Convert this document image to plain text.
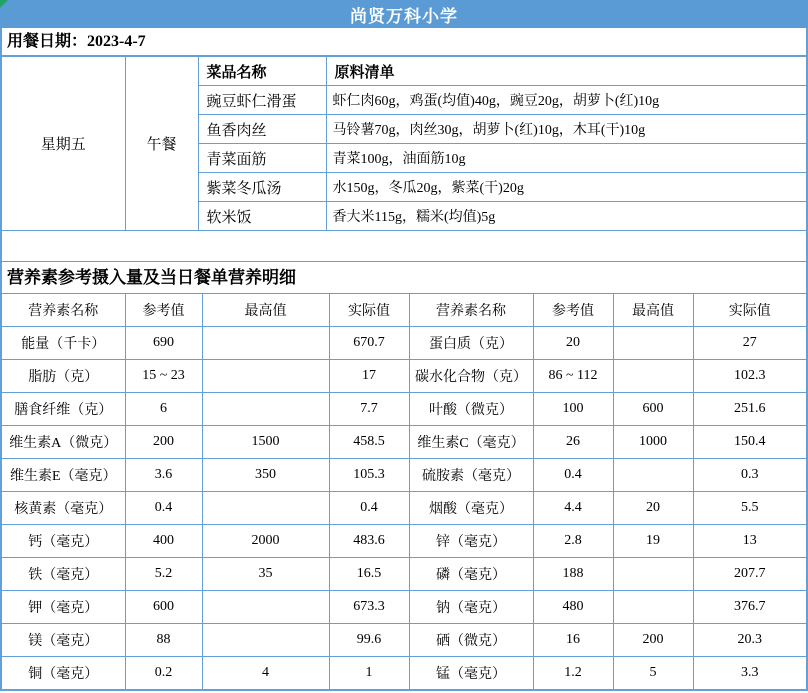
尚贤万科小学
用餐日期：2023-4-7
星期五	午餐	菜品名称	原料清单
		豌豆虾仁滑蛋	虾仁肉60g，鸡蛋(均值)40g，豌豆20g，胡萝卜(红)10g
		鱼香肉丝	马铃薯70g，肉丝30g，胡萝卜(红)10g，木耳(干)10g
		青菜面筋	青菜100g，油面筋10g
		紫菜冬瓜汤	水150g，冬瓜20g，紫菜(干)20g
		软米饭	香大米115g，糯米(均值)5g
营养素参考摄入量及当日餐单营养明细
营养素名称	参考值	最高值	实际值	营养素名称	参考值	最高值	实际值
能量（千卡）	690		670.7	蛋白质（克）	20		27
脂肪（克）	15 ~ 23		17	碳水化合物（克）	86 ~ 112		102.3
膳食纤维（克）	6		7.7	叶酸（微克）	100	600	251.6
维生素A（微克）	200	1500	458.5	维生素C（毫克）	26	1000	150.4
维生素E（毫克）	3.6	350	105.3	硫胺素（毫克）	0.4		0.3
核黄素（毫克）	0.4		0.4	烟酸（毫克）	4.4	20	5.5
钙（毫克）	400	2000	483.6	锌（毫克）	2.8	19	13
铁（毫克）	5.2	35	16.5	磷（毫克）	188		207.7
钾（毫克）	600		673.3	钠（毫克）	480		376.7
镁（毫克）	88		99.6	硒（微克）	16	200	20.3
铜（毫克）	0.2	4	1	锰（毫克）	1.2	5	3.3
